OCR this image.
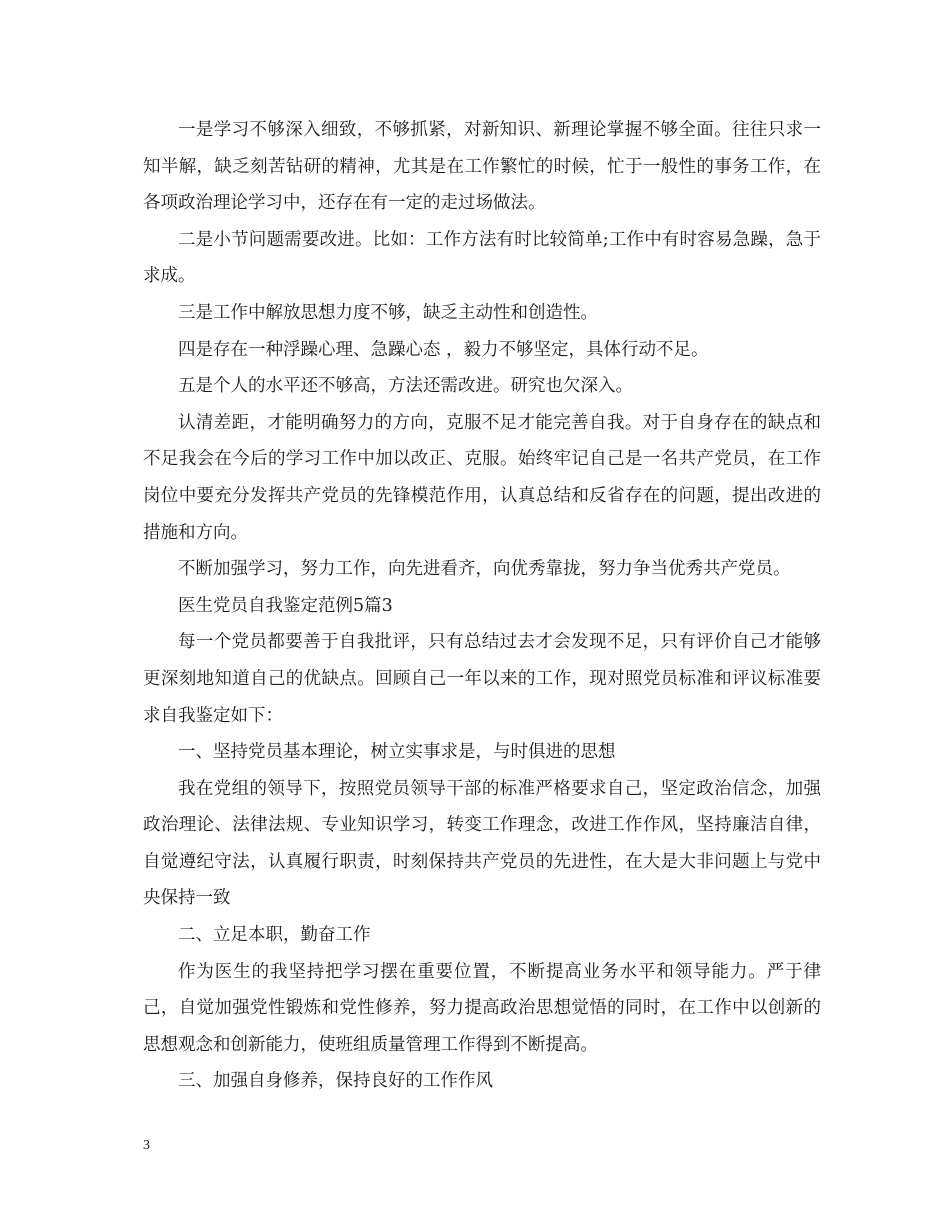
一是学习不够深入细致，不够抓紧，对新知识、新理论掌握不够全面。往往只求一知半解，缺乏刻苦钻研的精神，尤其是在工作繁忙的时候，忙于一般性的事务工作，在各项政治理论学习中，还存在有一定的走过场做法。

二是小节问题需要改进。比如：工作方法有时比较简单;工作中有时容易急躁，急于求成。

三是工作中解放思想力度不够，缺乏主动性和创造性。

四是存在一种浮躁心理、急躁心态 ，毅力不够坚定，具体行动不足。

五是个人的水平还不够高，方法还需改进。研究也欠深入。

认清差距，才能明确努力的方向，克服不足才能完善自我。对于自身存在的缺点和不足我会在今后的学习工作中加以改正、克服。始终牢记自己是一名共产党员，在工作岗位中要充分发挥共产党员的先锋模范作用，认真总结和反省存在的问题，提出改进的措施和方向。

不断加强学习，努力工作，向先进看齐，向优秀靠拢，努力争当优秀共产党员。

医生党员自我鉴定范例5篇3

每一个党员都要善于自我批评，只有总结过去才会发现不足，只有评价自己才能够更深刻地知道自己的优缺点。回顾自己一年以来的工作，现对照党员标准和评议标准要求自我鉴定如下：

一、坚持党员基本理论，树立实事求是，与时俱进的思想

我在党组的领导下，按照党员领导干部的标准严格要求自己，坚定政治信念，加强政治理论、法律法规、专业知识学习，转变工作理念，改进工作作风，坚持廉洁自律，自觉遵纪守法，认真履行职责，时刻保持共产党员的先进性，在大是大非问题上与党中央保持一致

二、立足本职，勤奋工作

作为医生的我坚持把学习摆在重要位置，不断提高业务水平和领导能力。严于律己，自觉加强党性锻炼和党性修养，努力提高政治思想觉悟的同时，在工作中以创新的思想观念和创新能力，使班组质量管理工作得到不断提高。

三、加强自身修养，保持良好的工作作风

3
